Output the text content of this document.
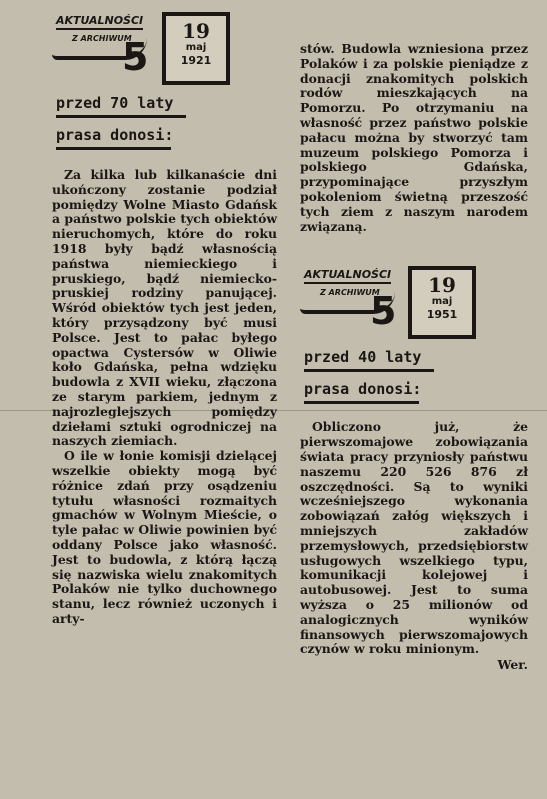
AKTUALNOŚCI
Z ARCHIWUM
5
19
maj
1921
przed 70 laty
prasa donosi:

Za kilka lub kilkanaście dni ukończony zostanie podział pomiędzy Wolne Miasto Gdańsk a państwo polskie tych obiektów nieruchomych, które do roku 1918 były bądź własnością państwa niemieckiego i pruskiego, bądź niemiecko-pruskiej rodziny panującej. Wśród obiektów tych jest jeden, który przysądzony być musi Polsce. Jest to pałac byłego opactwa Cystersów w Oliwie koło Gdańska, pełna wdzięku budowla z XVII wieku, złączona ze starym parkiem, jednym z najrozleglejszych pomiędzy dziełami sztuki ogrodniczej na naszych ziemiach.

O ile w łonie komisji dzielącej wszelkie obiekty mogą być różnice zdań przy osądzeniu tytułu własności rozmaitych gmachów w Wolnym Mieście, o tyle pałac w Oliwie powinien być oddany Polsce jako własność. Jest to budowla, z którą łączą się nazwiska wielu znakomitych Polaków nie tylko duchownego stanu, lecz również uczonych i arty-

stów. Budowla wzniesiona przez Polaków i za polskie pieniądze z donacji znakomitych polskich rodów mieszkających na Pomorzu. Po otrzymaniu na własność przez państwo polskie pałacu można by stworzyć tam muzeum polskiego Pomorza i polskiego Gdańska, przypominające przyszłym pokoleniom świetną przeszość tych ziem z naszym narodem związaną.

AKTUALNOŚCI
Z ARCHIWUM
5
19
maj
1951
przed 40 laty
prasa donosi:

Obliczono już, że pierwszomajowe zobowiązania świata pracy przyniosły państwu naszemu 220 526 876 zł oszczędności. Są to wyniki wcześniejszego wykonania zobowiązań załóg większych i mniejszych zakładów przemysłowych, przedsiębiorstw usługowych wszelkiego typu, komunikacji kolejowej i autobusowej. Jest to suma wyższa o 25 milionów od analogicznych wyników finansowych pierwszomajowych czynów w roku minionym.

Wer.
